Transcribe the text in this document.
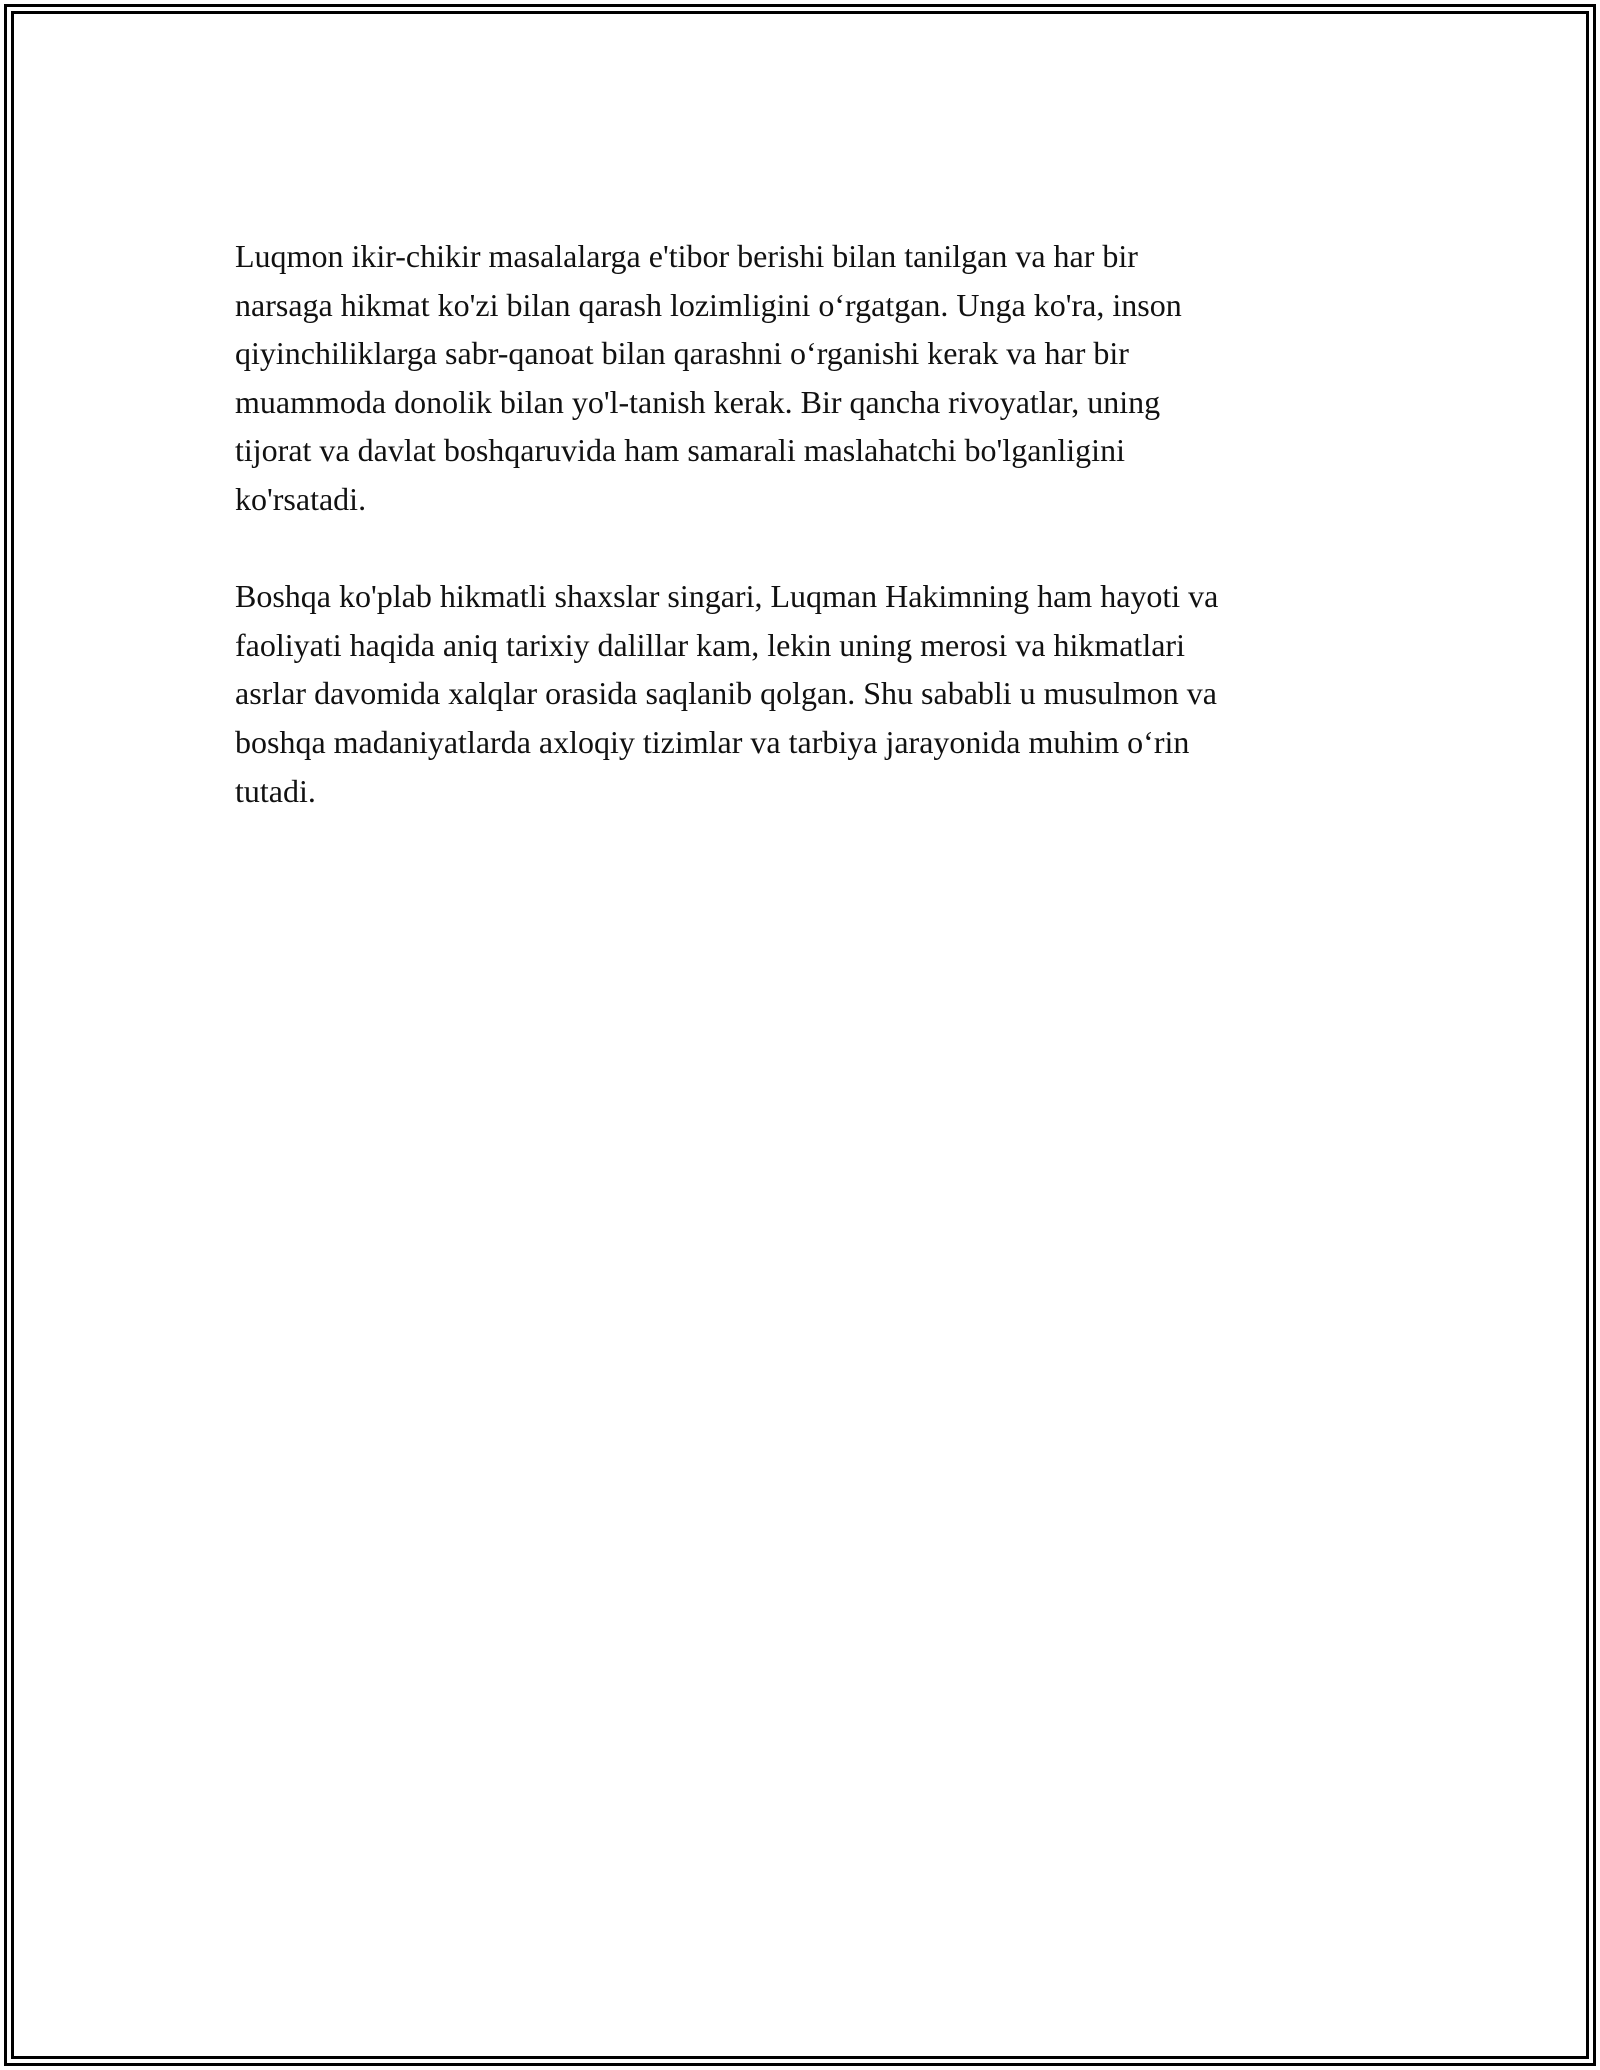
Luqmon ikir-chikir masalalarga e'tibor berishi bilan tanilgan va har bir
narsaga hikmat ko'zi bilan qarash lozimligini o‘rgatgan. Unga ko'ra, inson
qiyinchiliklarga sabr-qanoat bilan qarashni o‘rganishi kerak va har bir
muammoda donolik bilan yo'l-tanish kerak. Bir qancha rivoyatlar, uning
tijorat va davlat boshqaruvida ham samarali maslahatchi bo'lganligini
ko'rsatadi.

Boshqa ko'plab hikmatli shaxslar singari, Luqman Hakimning ham hayoti va
faoliyati haqida aniq tarixiy dalillar kam, lekin uning merosi va hikmatlari
asrlar davomida xalqlar orasida saqlanib qolgan. Shu sababli u musulmon va
boshqa madaniyatlarda axloqiy tizimlar va tarbiya jarayonida muhim o‘rin
tutadi.
